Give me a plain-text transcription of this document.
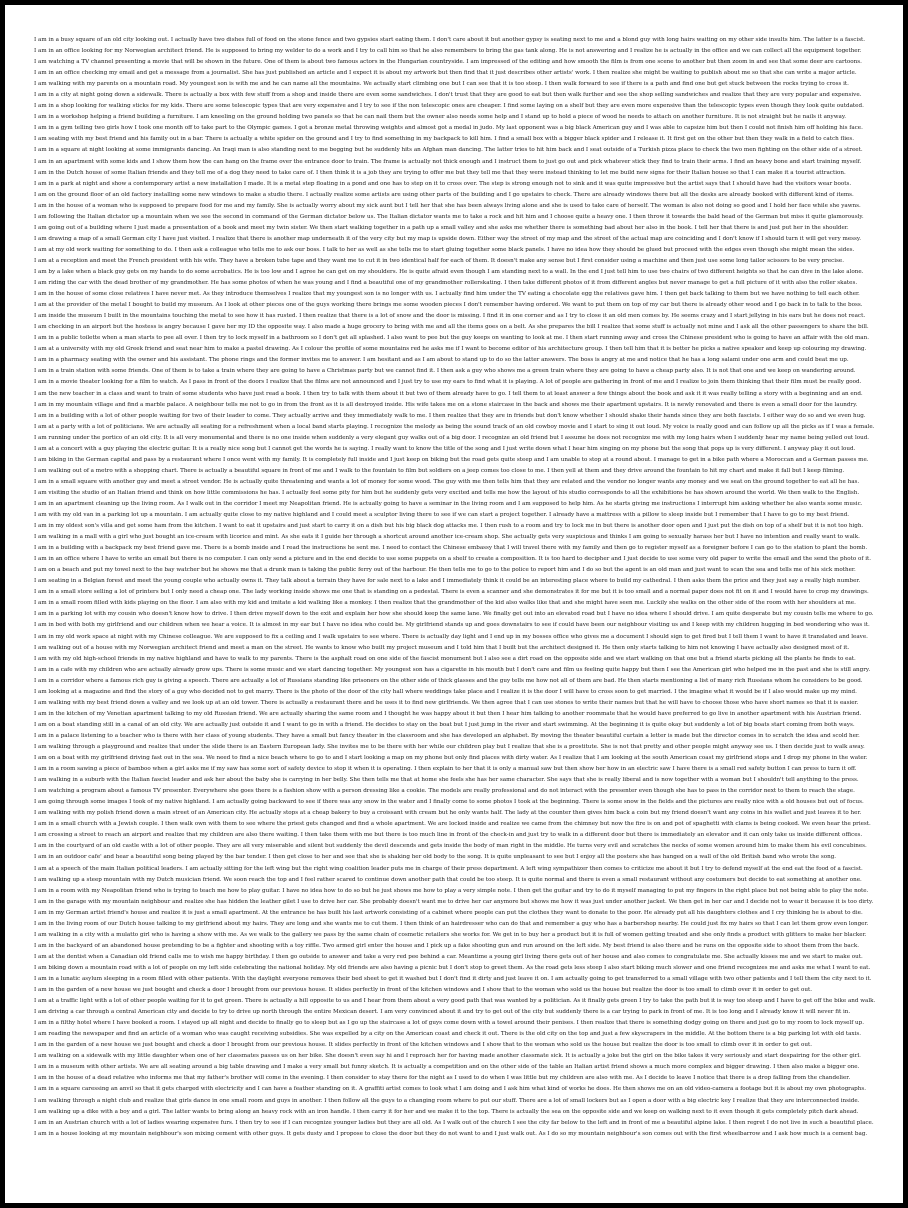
I am in a busy square of an old city looking out. I actually have two dishes full of food on the stone fence and two gypsies start eating them. I don't care about it but another gypsy is seating next to me and a blond guy with long hairs waiting on my other side insults him. The latter is a fascist.
I am in an office looking for my Norwegian architect friend. He is supposed to bring my welder to do a work and I try to call him so that he also remembers to bring the gas tank along. He is not answering and I realize he is actually in the office and we can collect all the equipment together.
I am watching a TV channel presenting a movie that will be shown in the future. One of them is about two famous actors in the Hungarian countryside. I am impressed of the editing and how smooth the film is from one scene to another but then zoom in and see that some deer are cartoons.
I am in an office checking my email and get a message from a journalist. She has just published an article and I expect it is about my artwork but then find that it just describes other artists' work. I then realize she might be waiting to publish about me so that she can write a major article.
I am walking with my parents on a mountain road. My youngest son is with me and he can name all the mountains. We actually start climbing one but I can see that it is too steep. I then walk forward to see if there is a path and find one but get stuck between the rocks trying to cross it.
I am in a city at night going down a sidewalk. There is actually a box with few stuff from a shop and inside there are even some sandwiches. I don't trust that they are good to eat but then walk further and see the shop selling sandwiches and realize that they are very popular and expensive.
I am in a shop looking for walking sticks for my kids. There are some telescopic types that are very expensive and I try to see if the non telescopic ones are cheaper. I find some laying on a shelf but they are even more expensive than the telescopic types even though they look quite outdated.
I am in a workshop helping a friend building a furniture. I am kneeling on the ground holding two panels so that he can nail them but the owner also needs some help and I stand up to hold a piece of wood he needs to attach on another furniture. It is not straight but he nails it anyway.
I am in a gym telling two girls how I took one month off to take part to the Olympic games. I got a bronze metal throwing weights and almost got a medal in judo. My last opponent was a big black American guy and I was able to capsize him but then I could not finish him off holding his face.
I am seating with my best friend and his family out in a bar. There is actually a white spider on the ground and I try to find something in my backpack to kill him. I find a small box with a bigger black spider and I release it. It first get on the other but then they walk in a field to catch flies.
I am in a square at night looking at some immigrants dancing. An Iraqi man is also standing next to me begging but he suddenly hits an Afghan man dancing. The latter tries to hit him back and I seat outside of a Turkish pizza place to check the two men fighting on the other side of a street.
I am in an apartment with some kids and I show them how the can hang on the frame over the entrance door to train. The frame is actually not thick enough and I instruct them to just go out and pick whatever stick they find to train their arms. I find an heavy bone and start training myself.
I am in the Dutch house of some Italian friends and they tell me of a dog they need to take care of. I then think it is a job they are trying to offer me but they tell me that they were instead thinking to let me build new signs for their Italian house so that I can make it a tourist attraction.
I am in a park at night and show a contemporary artist a new installation I made. It is a metal step floating in a pond and one has to step on it to cross over. The step is strong enough not to sink and it was quite impressive but the artist says that I should have had the visitors wear boots.
I am on the ground floor of an old factory installing some new windows to make a studio there. I actually realize some artists are using other parts of the building and I go upstairs to check. There are already windows there but all the desks are already booked with different kind of items.
I am in the house of a woman who is supposed to prepare food for me and my family. She is actually worry about my sick aunt but I tell her that she has been always living alone and she is used to take care of herself. The woman is also not doing so good and I hold her face while she yawns.
I am following the Italian dictator up a mountain when we see the second in command of the German dictator below us. The Italian dictator wants me to take a rock and hit him and I choose quite a heavy one. I then throw it towards the bald head of the German but miss it quite glamorously.
I am going out of a building where I just made a presentation of a book and meet my twin sister. We then start walking together in a path up a small valley and she asks me whether there is something bad about her also in the book. I tell her that there is and just put her in the shoulder.
I am drawing a map of a small German city I have just visited. I realize that there is another map underneath it of the very city but my map is upside down. Either way the street of my map and the street of the actual map are coinciding and I don't know if I should turn it will get very messy.
I am at my old work waiting for something to do. I then ask a colleague who tells me to ask our boss. I talk to her as well as she tells me to start gluing together some black panels. I have no idea how they should be glued but proceed with the edges even though she might mean the sides.
I am at a reception and meet the French president with his wife. They have a broken tube tape and they want me to cut it in two identical half for each of them. It doesn't make any sense but I first consider using a machine and then just use some long tailor scissors to be very precise.
I am by a lake when a black guy gets on my hands to do some acrobatics. He is too low and I agree he can get on my shoulders. He is quite afraid even though I am standing next to a wall. In the end I just tell him to use two chairs of two different heights so that he can dive in the lake alone.
I am riding the car with the dead brother of my grandmother. He has some photos of when he was young and I find a beautiful one of my grandmother rollerskating. I then take different photos of it from different angles but never manage to get a full picture of it with also the roller skates.
I am in the house of some close relatives I have never met. As they introduce themselves I realize that my youngest son is no longer with us. I actually find him under the TV eating a chocolate egg the relatives gave him. I then get back talking to them but we have nothing to tell each other.
I am at the provider of the metal I bought to build my museum. As I look at other pieces one of the guys working there brings me some wooden pieces I don't remember having ordered. We want to put them on top of my car but there is already other wood and I go back in to talk to the boss.
I am inside the museum I built in the mountains touching the metal to see how it has rusted. I then realize that there is a lot of snow and the door is missing. I find it in one corner and as I try to close it an old men comes by. He seems crazy and I start jellying in his ears but he does not react.
I am checking in an airport but the hostess is angry because I gave her my ID the opposite way. I also made a huge grocery to bring with me and all the items goes on a belt. As she prepares the bill I realize that some stuff is actually not mine and I ask all the other passengers to share the bill.
I am in a public toilette when a man starts to pee all over. I then try to lock myself in a bathroom so I don't get all splashed. I also want to pee but the guy keeps on wanting to look at me. I then start running away and cross the Chinese president who is going to have an affair with the old man.
I am at a university with my old Greek friend and seat near him to make a pastel drawing. As I colour the profile of some mountains red he asks me if I want to become editor of his architecture group. I then tell him that it is better he picks a native speaker and keep up colouring my drawing.
I am in a pharmacy seating with the owner and his assistant. The phone rings and the former invites me to answer. I am hesitant and as I am about to stand up to do so the latter answers. The boss is angry at me and notice that he has a long salami under one arm and could beat me up.
I am in a train station with some friends. One of them is to take a train where they are going to have a Christmas party but we cannot find it. I then ask a guy who shows me a green train where they are going to have a cheap party also. It is not that one and we keep on wandering around.
I am in a movie theater looking for a film to watch. As I pass in front of the doors I realize that the films are not announced and I just try to use my ears to find what it is playing. A lot of people are gathering in front of me and I realize to join them thinking that their film must be really good.
I am the new teacher in a class and want to train of some students who have just read a book. I then try to talk with them about it but two of them already have to go. I tell them to at least answer a few things about the book and ask it it was really telling a story with a beginning and an end.
I am in my mountain village and find a marble palace. A neighbour tells me not to go in from the front as it is all destroyed inside. His wife takes me on a stone staircase in the back and shows me their apartment upstairs. It is newly renovated and there is even a small door for the laundry.
I am in a building with a lot of other people waiting for two of their leader to come. They actually arrive and they immediately walk to me. I then realize that they are in friends but don't know whether I should shake their hands since they are both fascists. I either way do so and we even hug.
I am at a party with a lot of politicians. We are actually all seating for a refreshment when a local band starts playing. I recognize the melody as being the sound track of an old cowboy movie and I start to sing it out loud. My voice is really good and can follow up all the picks as if I was a female.
I am running under the portico of an old city. It is all very monumental and there is no one inside when suddenly a very elegant guy walks out of a big door. I recognize an old friend but I assume he does not recognize me with my long hairs when I suddenly hear my name being yelled out loud.
I am at a concert with a guy playing the electric guitar. It is a really nice song but I cannot get the words he is saying. I really want to know the title of the song and I just write down what I hear him singing on my phone but the song that pops up is very different. I anyway play it out loud.
I am biking in the German capital and pass by a restaurant where I once went with my family. It is completely full inside and I just keep on biking but the road gets quite steep and I am unable to stop at a round about. I manage to get in a bike path where a Moroccan and a German passes me.
I am walking out of a metro with a shopping chart. There is actually a beautiful square in front of me and I walk to the fountain to film but soldiers on a jeep comes too close to me. I then yell at them and they drive around the fountain to hit my chart and make it fall but I keep filming.
I am in a small square with another guy and meet a street vendor. He is actually quite threatening and wants a lot of money for some wood. The guy with me then tells him that they are related and the vendor no longer wants any money and we seat on the ground together to eat all he has.
I am visiting the studio of an Italian friend and think on how little commissions he has. I actually feel some pity for him but he suddenly gets very excited and tells me how the layout of his studio corresponds to all the exhibitions he has shown around the world. We then walk to the English.
I am in an apartment cleaning up the living room. As I walk out in the corridor I meet my Neapolitan friend. He is actually going to have a seminar in the living room and I am supposed to help him. As he starts giving me instructions I interrupt him asking whether he also wants some music.
I am with my old van in a parking lot up a mountain. I am actually quite close to my native highland and I could meet a sculptor living there to see if we can start a project together. I already have a mattress with a pillow to sleep inside but I remember that I have to go to my best friend.
I am in my oldest son's villa and get some ham from the kitchen. I want to eat it upstairs and just start to carry it on a dish but his big black dog attacks me. I then rush to a room and try to lock me in but there is another door open and I just put the dish on top of a shelf but it is not too high.
I am walking in a mall with a girl who just bought an ice-cream with licorice and mint. As she eats it I guide her through a shortcut around another ice-cream shop. She actually gets very suspicious and thinks I am going to sexually harass her but I have no intention and really want to walk.
I am in a building with a backpack my best friend gave me. There is a bomb inside and I read the instructions he sent me. I need to contact the Chinese embassy that I will travel there with my family and then go to register myself as a foreigner before I can go to the station to plant the bomb.
I am in an office where I have to write an email but there is no computer. I can only send a picture and in the end decide to use some puppets on a shelf to create a composition. It is too hard to decipher and I just decide to use some very old paper to write the email and the send the photo of it.
I am on a beach and put my towel next to the bay watcher but he shows me that a drunk man is taking the public ferry out of the harbour. He then tells me to go to the police to report him and I do so but the agent is an old man and just want to scan the sea and tells me of his sick mother.
I am seating in a Belgian forest and meet the young couple who actually owns it. They talk about a terrain they have for sale next to a lake and I immediately think it could be an interesting place where to build my cathedral. I then asks them the price and they just say a really high number.
I am in a small store selling a lot of printers but I only need a cheap one. The lady working inside shows me one that is standing on a pedestal. There is even a scanner and she demonstrates it for me but it is too small and a normal paper does not fit on it and I would have to crop my drawings.
I am in a small room filled with kids playing on the floor. I am also with my kid and imitate a kid walking like a monkey. I then realize that the grandmother of the kid also walks like that and she might have seen me. Luckily she walks on the other side of the room with her shoulders at me.
I am in a parking lot with my cousin who doesn't know how to drive. I then drive myself down to the exit and explain her how she should keep the same lane. We finally get out into an elevated road but I have no idea where I should drive. I am quite desperate but my cousin tells me where to go.
I am in bed with both my girlfriend and our children when we hear a voice. It is almost in my ear but I have no idea who could be. My girlfriend stands up and goes downstairs to see if could have been our neighbour visiting us and I keep with my children hugging in bed wondering who was it.
I am in my old work space at night with my Chinese colleague. We are supposed to fix a ceiling and I walk upstairs to see where. There is actually day light and I end up in my bosses office who gives me a document I should sign to get fired but I tell them I want to have it translated and leave.
I am walking out of a house with my Norwegian architect friend and meet a man on the street. He wants to know who built my project museum and I told him that I built but the architect designed it. He then only starts talking to him not knowing I have actually also designed most of it.
I am with my old high-school friends in my native highland and have to walk to my parents. There is the asphalt road on one side of the fascist monument but I also see a dirt road on the opposite side and we start walking on that one but a friend starts picking all the plants he finds to eat.
I am in a cafe with my children who are actually already grow ups. There is some music and we start dancing together. My youngest son has a cigarette in his mouth but I don't care and film us feeling quite happy but then I see the American girl who helped me in the past and she is still angry.
I am in a corridor where a famous rich guy is giving a speech. There are actually a lot of Russians standing like prisoners on the other side of thick glasses and the guy tells me how not all of them are bad. He then starts mentioning a list of many rich Russians whom he considers to be good.
I am looking at a magazine and find the story of a guy who decided not to get marry. There is the photo of the door of the city hall where weddings take place and I realize it is the door I will have to cross soon to get married. I the imagine what it would be if I also would make up my mind.
I am walking with my best friend down a valley and we look up at an old tower. There is actually a restaurant there and he uses it to find new girlfriends. We then agree that I can use stones to write their names but that he will have to choose those who have short names so that it is easier.
I am in the kitchen of my Venetian apartment talking to my old Russian friend. We are actually sharing the same room and I thought he was happy about it but then I hear him talking to another roommate that he would have preferred to go live in another apartment with his Austrian friend.
I am on a boat standing still in a canal of an old city. We are actually just outside it and I want to go in with a friend. He decides to stay on the boat but I just jump in the river and start swimming. At the beginning it is quite okay but suddenly a lot of big boats start coming from both ways.
I am in a palace listening to a teacher who is there with her class of young students. They have a small but fancy theater in the classroom and she has developed an alphabet. By moving the theater beautiful curtain a letter is made but the director comes in to scratch the idea and scold her.
I am walking through a playground and realize that under the slide there is an Eastern European lady. She invites me to be there with her while our children play but I realize that she is a prostitute. She is not that pretty and other people might anyway see us. I then decide just to walk away.
I am on a boat with my girlfriend driving fast out in the sea. We need to find a nice beach where to go to and I start looking a map on my phone but only find places with dirty water. As I realize that I am looking at the south American coast my girlfriend stops and I drop my phone in the water.
I am in a room sawing a piece of bamboo when a girl asks me if my saw has some sort of safety device to stop it when it is operating. I then explain to her that it is only a manual saw but then show her how in an electric saw I have there is a small red safety button I can press to turn it off.
I am walking in a suburb with the Italian fascist leader and ask her about the baby she is carrying in her belly. She then tells me that at home she feels she has her same character. She says that she is really liberal and is now together with a woman but I shouldn't tell anything to the press.
I am watching a program about a famous TV presenter. Everywhere she goes there is a fashion show with a person dressing like a cookie. The models are really professional and do not interact with the presenter even though she has to pass in the corridor next to them to reach the stage.
I am going through some images I took of my native highland. I am actually going backward to see if there was any snow in the water and I finally come to some photos I took at the beginning. There is some snow in the fields and the pictures are really nice with a old houses but out of focus.
I am walking with my polish friend down a main street of an American city. He actually stops at a cheap bakery to buy a croissant with cream but he only wants half. The lady at the counter then gives him back a coin but my friend doesn't want any coins in his wallet and just leaves it to her.
I am in a small church with a Jewish couple. I then walk own with them to see where the priest gets changed and find a whole apartment. We are locked inside and realize we came from the chimney but now the fire is on and pot of spaghetti with clams is being cooked. We even hear the priest.
I am crossing a street to reach an airport and realize that my children are also there waiting. I then take them with me but there is too much line in front of the check-in and just try to walk in a different door but there is immediately an elevator and it can only take us inside different offices.
I am in the courtyard of an old castle with a lot of other people. They are all very miserable and silent but suddenly the devil descends and gets inside the body of man right in the middle. He turns very evil and scratches the necks of some women around him to make them his evil concubines.
I am in an outdoor cafe' and hear a beautiful song being played by the bar tender. I then get close to her and see that she is shaking her old body to the song. It is quite unpleasant to see but I enjoy all the posters she has hanged on a wall of the old British band who wrote the song.
I am at a speech of the main Italian political leaders. I am actually sitting for the left wing but the right wing coalition leader puts me in charge of their press department. A left wing sympathizer then comes to criticize me about it but I try to defend myself at the end eat the food of a fascist.
I am walking up a steep mountain with my Dutch musician friend. We soon reach the top and I feel rather scared to continue down another path that could be too steep. It is quite normal and there is even a small restaurant without any costumers but decide to eat something at another one.
I am in a room with my Neapolitan friend who is trying to teach me how to play guitar. I have no idea how to do so but he just shows me how to play a very simple note. I then get the guitar and try to do it myself managing to put my fingers in the right place but not being able to play the note.
I am in the garage with my mountain neighbour and realize she has hidden the leather gilet I use to drive her car. She probably doesn't want me to drive her car anymore but shows me how it was just under another jacket. We then get in her car and I decide not to wear it because it is too dirty.
I am in my German artist friend's house and realize it is just a small apartment. At the entrance he has built his last artwork consisting of a cabinet where people can put the clothes they want to donate to the poor. He already put all his daughters clothes and I cry thinking he is about to die.
I am in the living room of our Dutch house talking to my girlfriend about my hairs. They are long and she wants me to cut them. I then think of an hairdresser who can do that and remember a guy who has a barbershop nearby. He could just fix my hairs so that I can let them grow even longer.
I am walking in a city with a mulatto girl who is having a show with me. As we walk to the gallery we pass by the same chain of cosmetic retailers she works for. We get in to buy her a product but it is full of women getting treated and she only finds a product with glitters to make her blacker.
I am in the backyard of an abandoned house pretending to be a fighter and shooting with a toy riffle. Two armed girl enter the house and I pick up a fake shooting gun and run around on the left side. My best friend is also there and he runs on the opposite side to shoot them from the back.
I am at the dentist when a Canadian old friend calls me to wish me happy birthday. I then go outside to answer and take a very red pee behind a car. Meantime a young girl living there gets out of her house and also comes to congratulate me. She actually kisses me and we start to make out.
I am biking down a mountain road with a lot of people on my left side celebrating the national holiday. My old friends are also having a picnic but I don't stop to greet them. As the road gets less steep I also start biking much slower and one friend recognizes me and asks me what I want to eat.
I am in a lunatic asylum sleeping in a room filled with other patients. With the daylight everyone removes their bed sheet to get it washed but I don't find it dirty and just leave it on. I am actually going to get transferred to a small village with two other patients and I tell them the city next to it.
I am in the garden of a new house we just bought and check a door I brought from our previous house. It slides perfectly in front of the kitchen windows and I show that to the woman who sold us the house but realize the door is too small to climb over it in order to get out.
I am at a traffic light with a lot of other people waiting for it to get green. There is actually a hill opposite to us and I hear from them about a very good path that was wanted by a politician. As it finally gets green I try to take the path but it is way too steep and I have to get off the bike and walk.
I am driving a car through a central American city and decide to try to drive up north through the entire Mexican desert. I am very convinced about it and try to get out of the city but suddenly there is a car trying to park in front of me. It is too long and I already know it will never fit in.
I am in a filthy hotel where I have booked a room. I stayed up all night and decide to finally go to sleep but as I go up the staircase a lot of guys come down with a towel around their penises. I then realize that there is something dodgy going on there and just go to my room to lock myself up.
I am reading the newspaper and find an article of a woman who was caught receiving subsidies. She was expelled by a city on the American coast and check it out. There is the old city on the top and just a few skyscrapers in the middle. At the bottom there is a big parking lot with old taxis.
I am in the garden of a new house we just bought and check a door I brought from our previous house. It slides perfectly in front of the kitchen windows and I show that to the woman who sold us the house but realize the door is too small to climb over it in order to get out.
I am walking on a sidewalk with my little daughter when one of her classmates passes us on her bike. She doesn't even say hi and I reproach her for having made another classmate sick. It is actually a joke but the girl on the bike takes it very seriously and start despairing for the other girl.
I am in a museum with other artists. We are all seating around a big table drawing and I make a very small but funny sketch. It is actually a competition and on the other side of the table an Italian artist friend shows a much more complex and bigger drawing. I then also make a bigger one.
I am in the house of a dead relative who informs me that my father's brother will come in the evening. I then consider to stay there for the night as I used to do when I was little but my children are also with me. As I decide to leave I notice that there is a drop falling from the chandelier.
I am in a square caressing an anvil so that it gets charged with electricity and I can have a feather standing on it. A graffiti artist comes to look what I am doing and I ask him what kind of works he does. He then shows me on an old video-camera a footage but it is about my own photographs.
I am walking through a night club and realize that girls dance in one small room and guys in another. I then follow all the guys to a changing room where to put our stuff. There are a lot of small lockers but as I open a door with a big electric key I realize that they are interconnected inside.
I am walking up a dike with a boy and a girl. The latter wants to bring along an heavy rock with an iron handle. I then carry it for her and we make it to the top. There is actually the sea on the opposite side and we keep on walking next to it even though it gets completely pitch dark ahead.
I am in an Austrian church with a lot of ladies wearing expensive furs. I then try to see if I can recognize younger ladies but they are all old. As I walk out of the church I see the city far below to the left and in front of me a beautiful alpine lake. I then regret I do not live in such a beautiful place.
I am in a house looking at my mountain neighbour's son mixing cement with other guys. It gets dusty and I propose to close the door but they do not want to and I just walk out. As I do so my mountain neighbour's son comes out with the first wheelbarrow and I ask how much is a cement bag.
